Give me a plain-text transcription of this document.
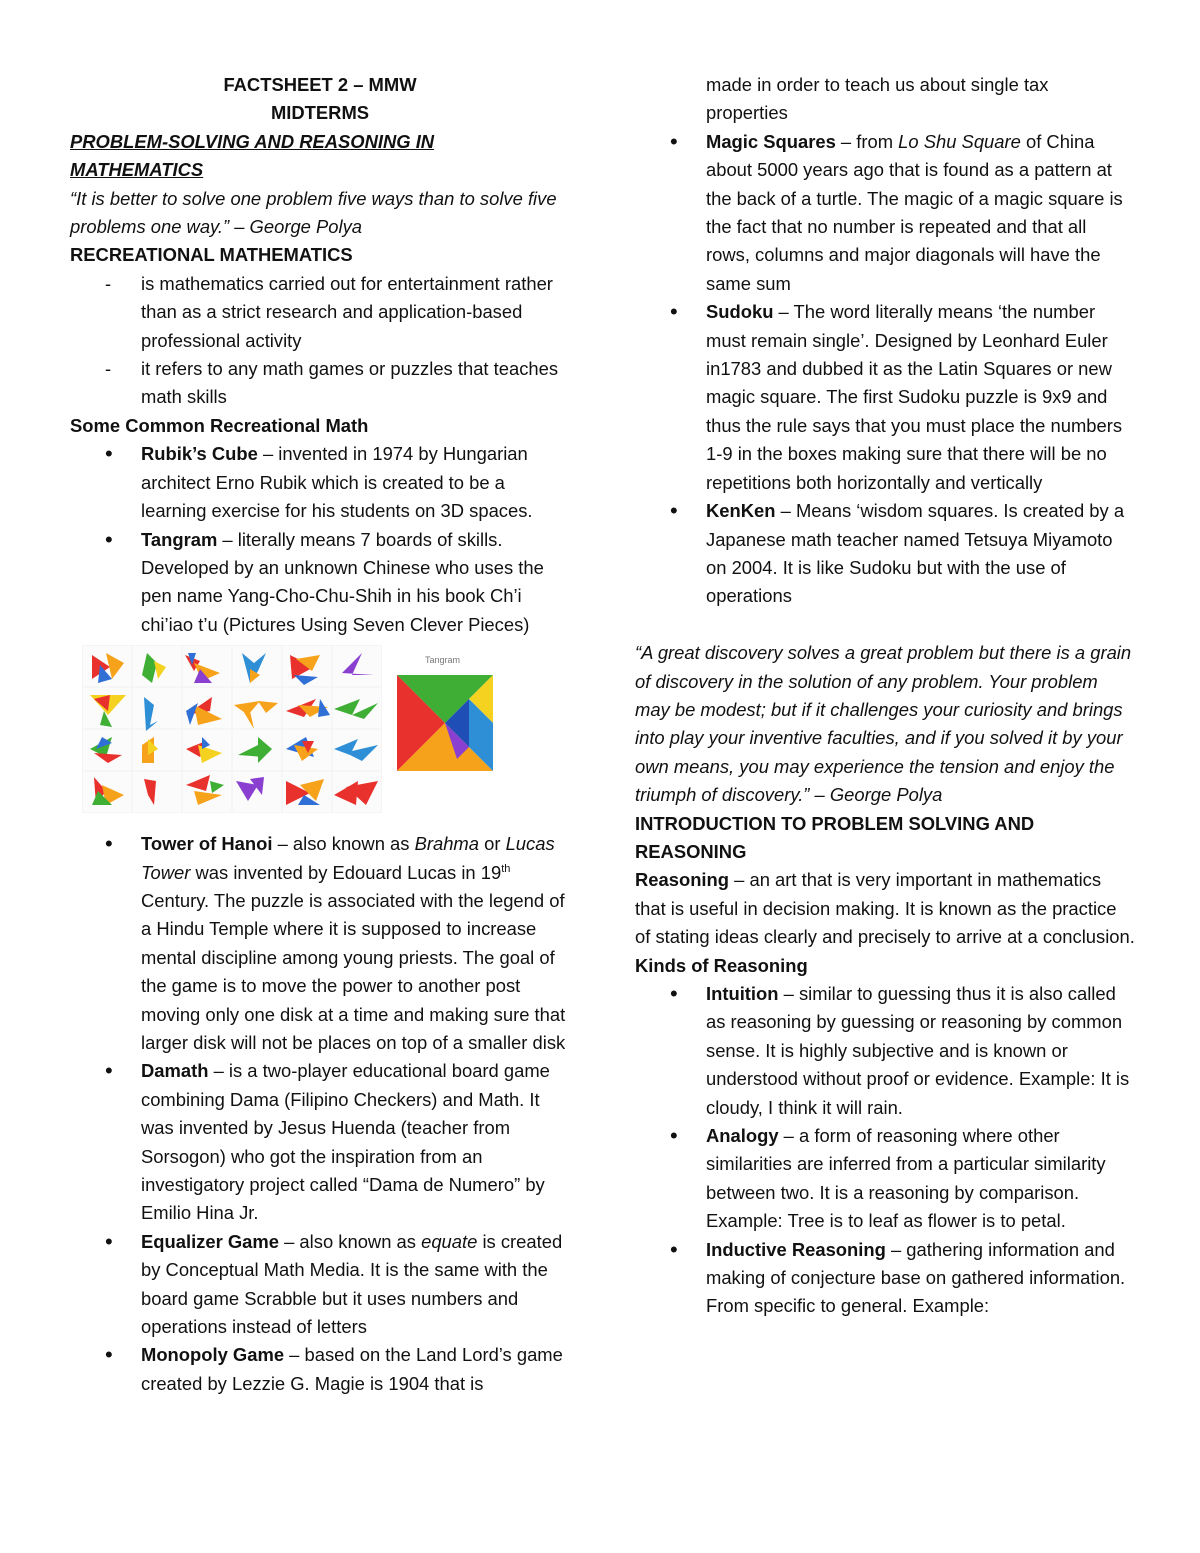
FACTSHEET 2 – MMW

MIDTERMS

PROBLEM-SOLVING AND REASONING IN

MATHEMATICS

“It is better to solve one problem five ways than to solve five problems one way.” – George Polya

RECREATIONAL MATHEMATICS

- is mathematics carried out for entertainment rather than as a strict research and application-based professional activity
- it refers to any math games or puzzles that teaches math skills

Some Common Recreational Math

• Rubik’s Cube – invented in 1974 by Hungarian architect Erno Rubik which is created to be a learning exercise for his students on 3D spaces.
• Tangram – literally means 7 boards of skills. Developed by an unknown Chinese who uses the pen name Yang-Cho-Chu-Shih in his book Ch’i chi’iao t’u (Pictures Using Seven Clever Pieces)
Tangram
• Tower of Hanoi – also known as Brahma or Lucas Tower was invented by Edouard Lucas in 19th Century. The puzzle is associated with the legend of a Hindu Temple where it is supposed to increase mental discipline among young priests. The goal of the game is to move the power to another post moving only one disk at a time and making sure that larger disk will not be places on top of a smaller disk
• Damath – is a two-player educational board game combining Dama (Filipino Checkers) and Math. It was invented by Jesus Huenda (teacher from Sorsogon) who got the inspiration from an investigatory project called “Dama de Numero” by Emilio Hina Jr.
• Equalizer Game – also known as equate is created by Conceptual Math Media. It is the same with the board game Scrabble but it uses numbers and operations instead of letters
• Monopoly Game – based on the Land Lord’s game created by Lezzie G. Magie is 1904 that is
made in order to teach us about single tax properties
• Magic Squares – from Lo Shu Square of China about 5000 years ago that is found as a pattern at the back of a turtle. The magic of a magic square is the fact that no number is repeated and that all rows, columns and major diagonals will have the same sum
• Sudoku – The word literally means ‘the number must remain single’. Designed by Leonhard Euler in1783 and dubbed it as the Latin Squares or new magic square. The first Sudoku puzzle is 9x9 and thus the rule says that you must place the numbers 1-9 in the boxes making sure that there will be no repetitions both horizontally and vertically
• KenKen – Means ‘wisdom squares. Is created by a Japanese math teacher named Tetsuya Miyamoto on 2004. It is like Sudoku but with the use of operations

“A great discovery solves a great problem but there is a grain of discovery in the solution of any problem. Your problem may be modest; but if it challenges your curiosity and brings into play your inventive faculties, and if you solved it by your own means, you may experience the tension and enjoy the triumph of discovery.” – George Polya

INTRODUCTION TO PROBLEM SOLVING AND REASONING

Reasoning – an art that is very important in mathematics that is useful in decision making. It is known as the practice of stating ideas clearly and precisely to arrive at a conclusion.

Kinds of Reasoning

• Intuition – similar to guessing thus it is also called as reasoning by guessing or reasoning by common sense. It is highly subjective and is known or understood without proof or evidence. Example: It is cloudy, I think it will rain.
• Analogy – a form of reasoning where other similarities are inferred from a particular similarity between two. It is a reasoning by comparison. Example: Tree is to leaf as flower is to petal.
• Inductive Reasoning – gathering information and making of conjecture base on gathered information. From specific to general. Example:
